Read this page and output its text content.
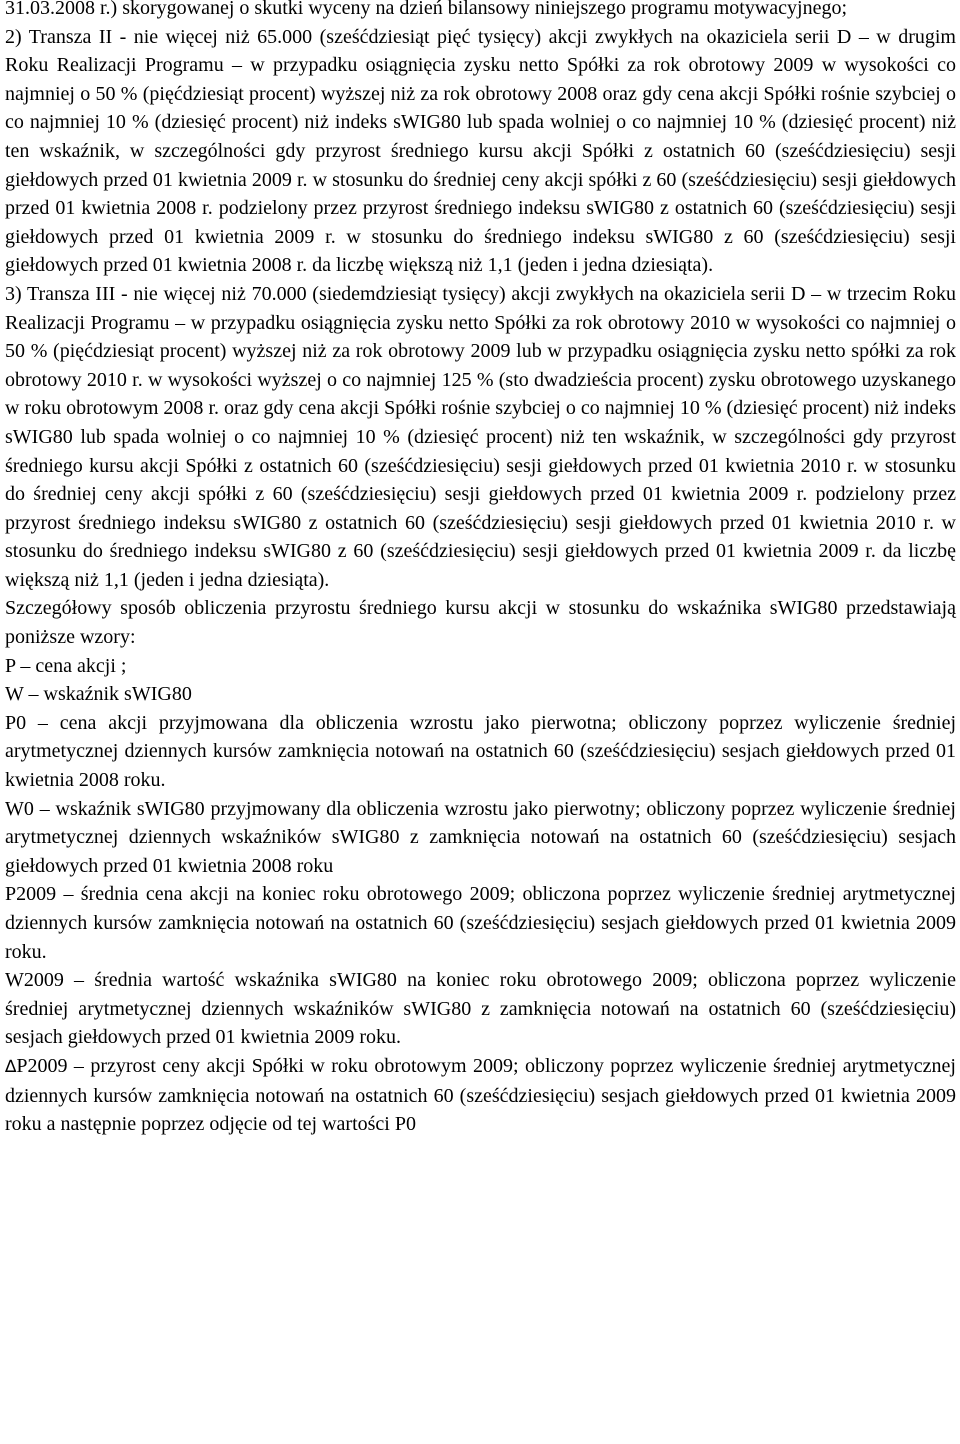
31.03.2008 r.) skorygowanej o skutki wyceny na dzień bilansowy niniejszego programu motywacyjnego;

2) Transza II - nie więcej niż 65.000 (sześćdziesiąt pięć tysięcy) akcji zwykłych na okaziciela serii D – w drugim Roku Realizacji Programu – w przypadku osiągnięcia zysku netto Spółki za rok obrotowy 2009 w wysokości co najmniej o 50 % (pięćdziesiąt procent) wyższej niż za rok obrotowy 2008 oraz gdy cena akcji Spółki rośnie szybciej o co najmniej 10 % (dziesięć procent) niż indeks sWIG80 lub spada wolniej o co najmniej 10 % (dziesięć procent) niż ten wskaźnik, w szczególności gdy przyrost średniego kursu akcji Spółki z ostatnich 60 (sześćdziesięciu) sesji giełdowych przed 01 kwietnia 2009 r. w stosunku do średniej ceny akcji spółki z 60 (sześćdziesięciu) sesji giełdowych przed 01 kwietnia 2008 r. podzielony przez przyrost średniego indeksu sWIG80 z ostatnich 60 (sześćdziesięciu) sesji giełdowych przed 01 kwietnia 2009 r. w stosunku do średniego indeksu sWIG80 z 60 (sześćdziesięciu) sesji giełdowych przed 01 kwietnia 2008 r. da liczbę większą niż 1,1 (jeden i jedna dziesiąta).

3) Transza III - nie więcej niż 70.000 (siedemdziesiąt tysięcy) akcji zwykłych na okaziciela serii D – w trzecim Roku Realizacji Programu – w przypadku osiągnięcia zysku netto Spółki za rok obrotowy 2010 w wysokości co najmniej o 50 % (pięćdziesiąt procent) wyższej niż za rok obrotowy 2009 lub w przypadku osiągnięcia zysku netto spółki za rok obrotowy 2010 r. w wysokości wyższej o co najmniej 125 % (sto dwadzieścia procent) zysku obrotowego uzyskanego w roku obrotowym 2008 r. oraz gdy cena akcji Spółki rośnie szybciej o co najmniej 10 % (dziesięć procent) niż indeks sWIG80 lub spada wolniej o co najmniej 10 % (dziesięć procent) niż ten wskaźnik, w szczególności gdy przyrost średniego kursu akcji Spółki z ostatnich 60 (sześćdziesięciu) sesji giełdowych przed 01 kwietnia 2010 r. w stosunku do średniej ceny akcji spółki z 60 (sześćdziesięciu) sesji giełdowych przed 01 kwietnia 2009 r. podzielony przez przyrost średniego indeksu sWIG80 z ostatnich 60 (sześćdziesięciu) sesji giełdowych przed 01 kwietnia 2010 r. w stosunku do średniego indeksu sWIG80 z 60 (sześćdziesięciu) sesji giełdowych przed 01 kwietnia 2009 r. da liczbę większą niż 1,1 (jeden i jedna dziesiąta).

Szczegółowy sposób obliczenia przyrostu średniego kursu akcji w stosunku do wskaźnika sWIG80 przedstawiają poniższe wzory:

P – cena akcji ;

W – wskaźnik sWIG80

P0 – cena akcji przyjmowana dla obliczenia wzrostu jako pierwotna; obliczony poprzez wyliczenie średniej arytmetycznej dziennych kursów zamknięcia notowań na ostatnich 60 (sześćdziesięciu) sesjach giełdowych przed 01 kwietnia 2008 roku.

W0 – wskaźnik sWIG80 przyjmowany dla obliczenia wzrostu jako pierwotny; obliczony poprzez wyliczenie średniej arytmetycznej dziennych wskaźników sWIG80 z zamknięcia notowań na ostatnich 60 (sześćdziesięciu) sesjach giełdowych przed 01 kwietnia 2008 roku

P2009 – średnia cena akcji na koniec roku obrotowego 2009; obliczona poprzez wyliczenie średniej arytmetycznej dziennych kursów zamknięcia notowań na ostatnich 60 (sześćdziesięciu) sesjach giełdowych przed 01 kwietnia 2009 roku.

W2009 – średnia wartość wskaźnika sWIG80 na koniec roku obrotowego 2009; obliczona poprzez wyliczenie średniej arytmetycznej dziennych wskaźników sWIG80 z zamknięcia notowań na ostatnich 60 (sześćdziesięciu) sesjach giełdowych przed 01 kwietnia 2009 roku.

∆P2009 – przyrost ceny akcji Spółki w roku obrotowym 2009; obliczony poprzez wyliczenie średniej arytmetycznej dziennych kursów zamknięcia notowań na ostatnich 60 (sześćdziesięciu) sesjach giełdowych przed 01 kwietnia 2009 roku a następnie poprzez odjęcie od tej wartości P0
